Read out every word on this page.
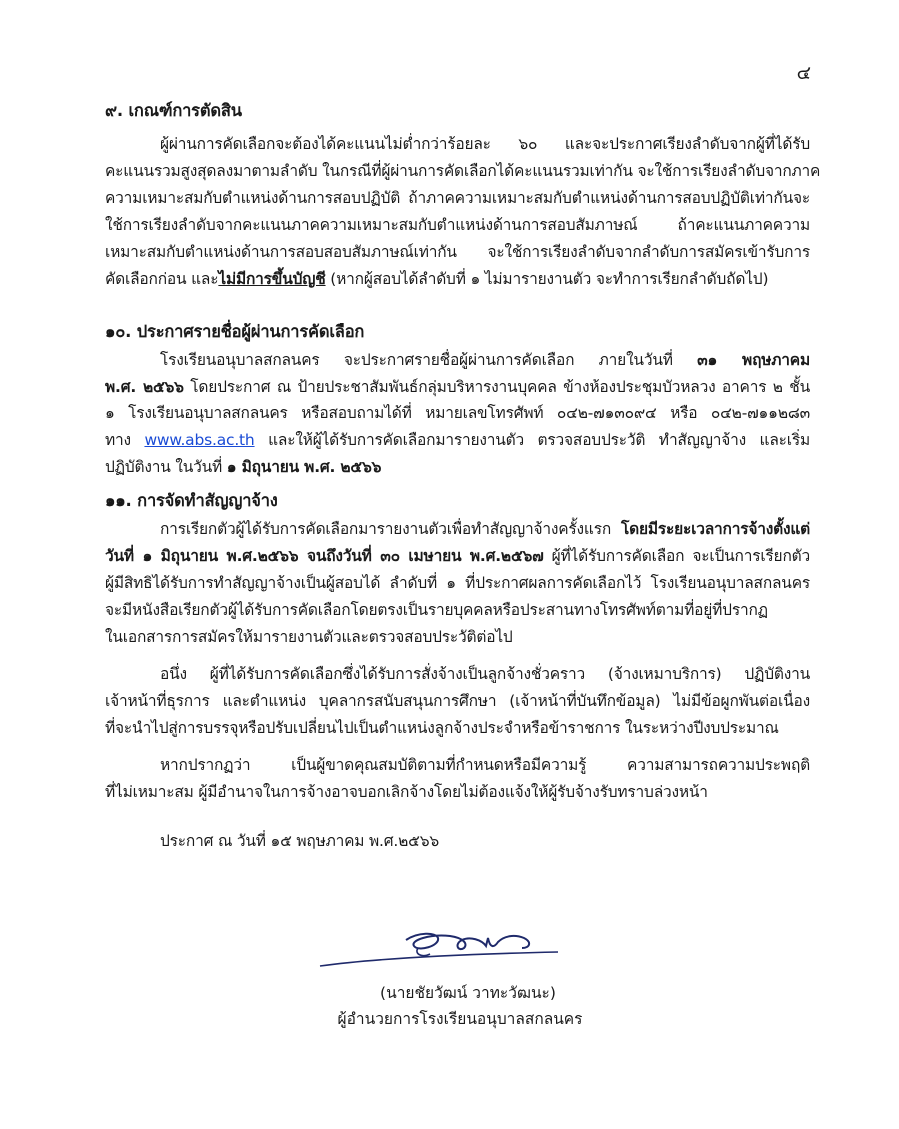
๔
๙. เกณฑ์การตัดสิน
ผู้ผ่านการคัดเลือกจะต้องได้คะแนนไม่ต่ำกว่าร้อยละ ๖๐ และจะประกาศเรียงลำดับจากผู้ที่ได้รับ
คะแนนรวมสูงสุดลงมาตามลำดับ ในกรณีที่ผู้ผ่านการคัดเลือกได้คะแนนรวมเท่ากัน จะใช้การเรียงลำดับจากภาค
ความเหมาะสมกับตำแหน่งด้านการสอบปฏิบัติ ถ้าภาคความเหมาะสมกับตำแหน่งด้านการสอบปฏิบัติเท่ากันจะ
ใช้การเรียงลำดับจากคะแนนภาคความเหมาะสมกับตำแหน่งด้านการสอบสัมภาษณ์ ถ้าคะแนนภาคความ
เหมาะสมกับตำแหน่งด้านการสอบสอบสัมภาษณ์เท่ากัน จะใช้การเรียงลำดับจากลำดับการสมัครเข้ารับการ
คัดเลือกก่อน และไม่มีการขึ้นบัญชี (หากผู้สอบได้ลำดับที่ ๑ ไม่มารายงานตัว จะทำการเรียกลำดับถัดไป)
๑๐. ประกาศรายชื่อผู้ผ่านการคัดเลือก
โรงเรียนอนุบาลสกลนคร จะประกาศรายชื่อผู้ผ่านการคัดเลือก ภายในวันที่ ๓๑ พฤษภาคม
พ.ศ. ๒๕๖๖ โดยประกาศ ณ ป้ายประชาสัมพันธ์กลุ่มบริหารงานบุคคล ข้างห้องประชุมบัวหลวง อาคาร ๒ ชั้น
๑ โรงเรียนอนุบาลสกลนคร หรือสอบถามได้ที่ หมายเลขโทรศัพท์ ๐๔๒-๗๑๓๐๙๔ หรือ ๐๔๒-๗๑๑๒๘๓
ทาง www.abs.ac.th และให้ผู้ได้รับการคัดเลือกมารายงานตัว ตรวจสอบประวัติ ทำสัญญาจ้าง และเริ่ม
ปฏิบัติงาน ในวันที่ ๑ มิถุนายน พ.ศ. ๒๕๖๖
๑๑. การจัดทำสัญญาจ้าง
การเรียกตัวผู้ได้รับการคัดเลือกมารายงานตัวเพื่อทำสัญญาจ้างครั้งแรก โดยมีระยะเวลาการจ้างตั้งแต่
วันที่ ๑ มิถุนายน พ.ศ.๒๕๖๖ จนถึงวันที่ ๓๐ เมษายน พ.ศ.๒๕๖๗ ผู้ที่ได้รับการคัดเลือก จะเป็นการเรียกตัว
ผู้มีสิทธิได้รับการทำสัญญาจ้างเป็นผู้สอบได้ ลำดับที่ ๑ ที่ประกาศผลการคัดเลือกไว้ โรงเรียนอนุบาลสกลนคร
จะมีหนังสือเรียกตัวผู้ได้รับการคัดเลือกโดยตรงเป็นรายบุคคลหรือประสานทางโทรศัพท์ตามที่อยู่ที่ปรากฏ
ในเอกสารการสมัครให้มารายงานตัวและตรวจสอบประวัติต่อไป
อนึ่ง ผู้ที่ได้รับการคัดเลือกซึ่งได้รับการสั่งจ้างเป็นลูกจ้างชั่วคราว (จ้างเหมาบริการ) ปฏิบัติงาน
เจ้าหน้าที่ธุรการ และตำแหน่ง บุคลากรสนับสนุนการศึกษา (เจ้าหน้าที่บันทึกข้อมูล) ไม่มีข้อผูกพันต่อเนื่อง
ที่จะนำไปสู่การบรรจุหรือปรับเปลี่ยนไปเป็นตำแหน่งลูกจ้างประจำหรือข้าราชการ ในระหว่างปีงบประมาณ
หากปรากฏว่า เป็นผู้ขาดคุณสมบัติตามที่กำหนดหรือมีความรู้ ความสามารถความประพฤติ
ที่ไม่เหมาะสม ผู้มีอำนาจในการจ้างอาจบอกเลิกจ้างโดยไม่ต้องแจ้งให้ผู้รับจ้างรับทราบล่วงหน้า
ประกาศ ณ วันที่ ๑๕ พฤษภาคม พ.ศ.๒๕๖๖
(นายชัยวัฒน์ วาทะวัฒนะ)
ผู้อำนวยการโรงเรียนอนุบาลสกลนคร
